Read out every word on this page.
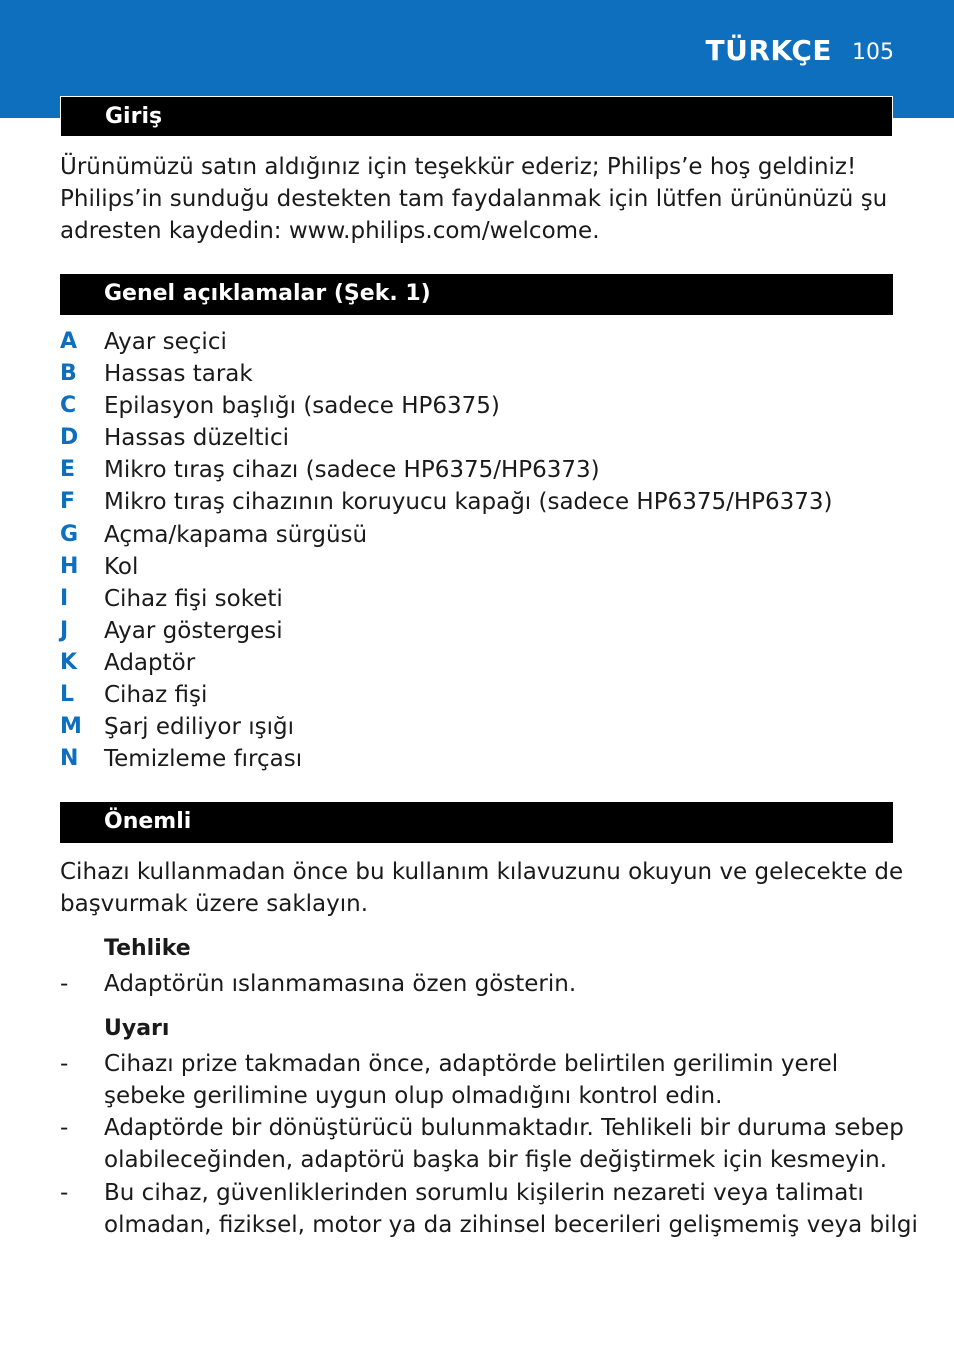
TÜRKÇE 105
Giriş
Ürünümüzü satın aldığınız için teşekkür ederiz; Philips’e hoş geldiniz!
Philips’in sunduğu destekten tam faydalanmak için lütfen ürününüzü şu
adresten kaydedin: www.philips.com/welcome.
Genel açıklamalar (Şek. 1)
A	Ayar seçici
B	Hassas tarak
C	Epilasyon başlığı (sadece HP6375)
D	Hassas düzeltici
E	Mikro tıraş cihazı (sadece HP6375/HP6373)
F	Mikro tıraş cihazının koruyucu kapağı (sadece HP6375/HP6373)
G	Açma/kapama sürgüsü
H	Kol
I	Cihaz fişi soketi
J	Ayar göstergesi
K	Adaptör
L	Cihaz fişi
M Şarj ediliyor ışığı
N	Temizleme fırçası
Önemli
Cihazı kullanmadan önce bu kullanım kılavuzunu okuyun ve gelecekte de
başvurmak üzere saklayın.
Tehlike
- Adaptörün ıslanmamasına özen gösterin.
Uyarı
- Cihazı prize takmadan önce, adaptörde belirtilen gerilimin yerel
şebeke gerilimine uygun olup olmadığını kontrol edin.
- Adaptörde bir dönüştürücü bulunmaktadır. Tehlikeli bir duruma sebep
olabileceğinden, adaptörü başka bir fişle değiştirmek için kesmeyin.
- Bu cihaz, güvenliklerinden sorumlu kişilerin nezareti veya talimatı
olmadan, fiziksel, motor ya da zihinsel becerileri gelişmemiş veya bilgi
